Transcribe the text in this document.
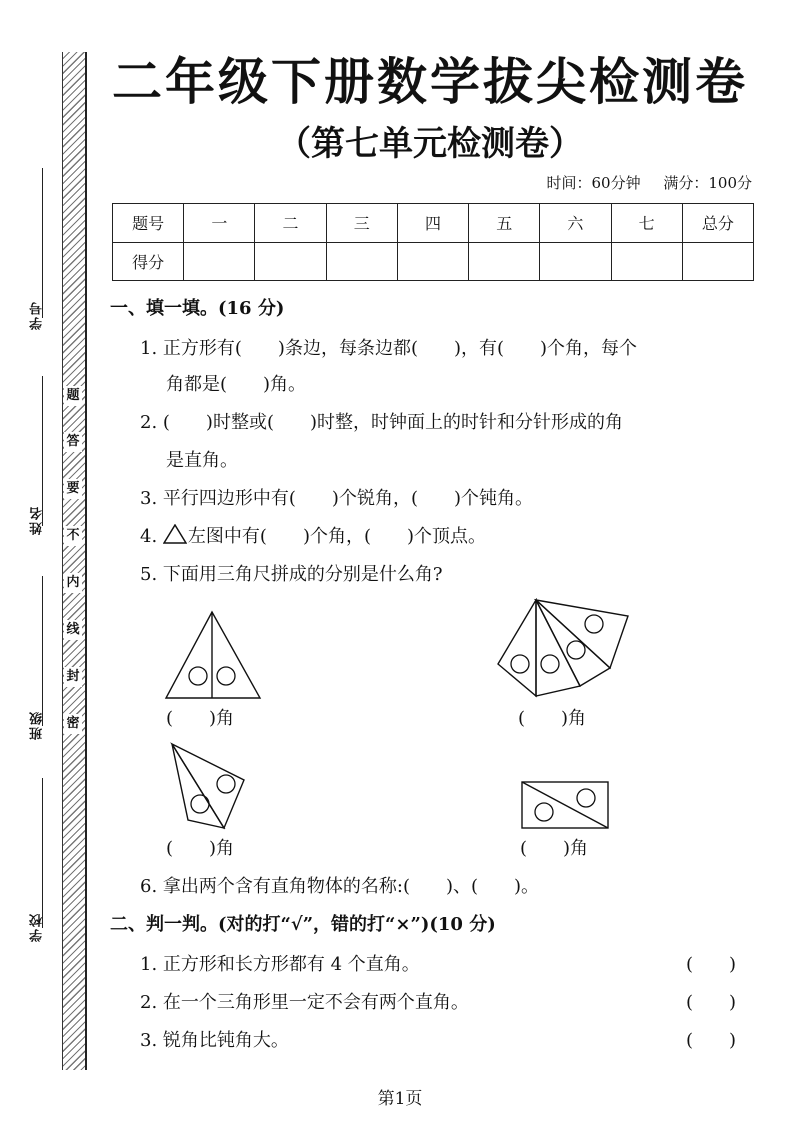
学号
姓名
班级
学校
题
答
要
不
内
线
封
密
二年级下册数学拔尖检测卷
（第七单元检测卷）
时间：60分钟 满分：100分
题号	一	二	三	四	五	六	七	总分
得分								
一、填一填。(16 分)
1. 正方形有(　　)条边，每条边都(　　)，有(　　)个角，每个
角都是(　　)角。
2. (　　)时整或(　　)时整，时钟面上的时针和分针形成的角
是直角。
3. 平行四边形中有(　　)个锐角，(　　)个钝角。
4. 左图中有(　　)个角，(　　)个顶点。
5. 下面用三角尺拼成的分别是什么角?
(　　)角	(　　)角
(　　)角	(　　)角
6. 拿出两个含有直角物体的名称:(　　)、(　　)。
二、判一判。(对的打“√”，错的打“×”)(10 分)
1. 正方形和长方形都有 4 个直角。	(　　)
2. 在一个三角形里一定不会有两个直角。	(　　)
3. 锐角比钝角大。	(　　)
第1页
